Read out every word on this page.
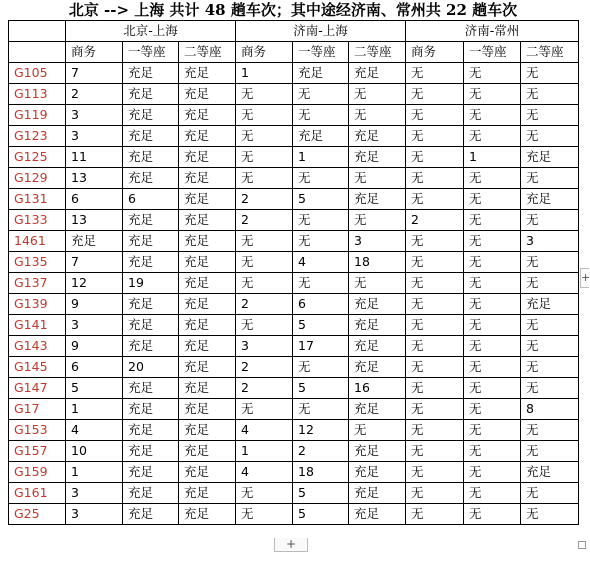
北京 --> 上海 共计 48 趟车次；其中途经济南、常州共 22 趟车次
	北京-上海			济南-上海			济南-常州		
	商务	一等座	二等座	商务	一等座	二等座	商务	一等座	二等座
G105	7	充足	充足	1	充足	充足	无	无	无
G113	2	充足	充足	无	无	无	无	无	无
G119	3	充足	充足	无	无	无	无	无	无
G123	3	充足	充足	无	充足	充足	无	无	无
G125	11	充足	充足	无	1	充足	无	1	充足
G129	13	充足	充足	无	无	无	无	无	无
G131	6	6	充足	2	5	充足	无	无	充足
G133	13	充足	充足	2	无	无	2	无	无
1461	充足	充足	充足	无	无	3	无	无	3
G135	7	充足	充足	无	4	18	无	无	无
G137	12	19	充足	无	无	无	无	无	无
G139	9	充足	充足	2	6	充足	无	无	充足
G141	3	充足	充足	无	5	充足	无	无	无
G143	9	充足	充足	3	17	充足	无	无	无
G145	6	20	充足	2	无	充足	无	无	无
G147	5	充足	充足	2	5	16	无	无	无
G17	1	充足	充足	无	无	充足	无	无	8
G153	4	充足	充足	4	12	无	无	无	无
G157	10	充足	充足	1	2	充足	无	无	无
G159	1	充足	充足	4	18	充足	无	无	充足
G161	3	充足	充足	无	5	充足	无	无	无
G25	3	充足	充足	无	5	充足	无	无	无
+
+
